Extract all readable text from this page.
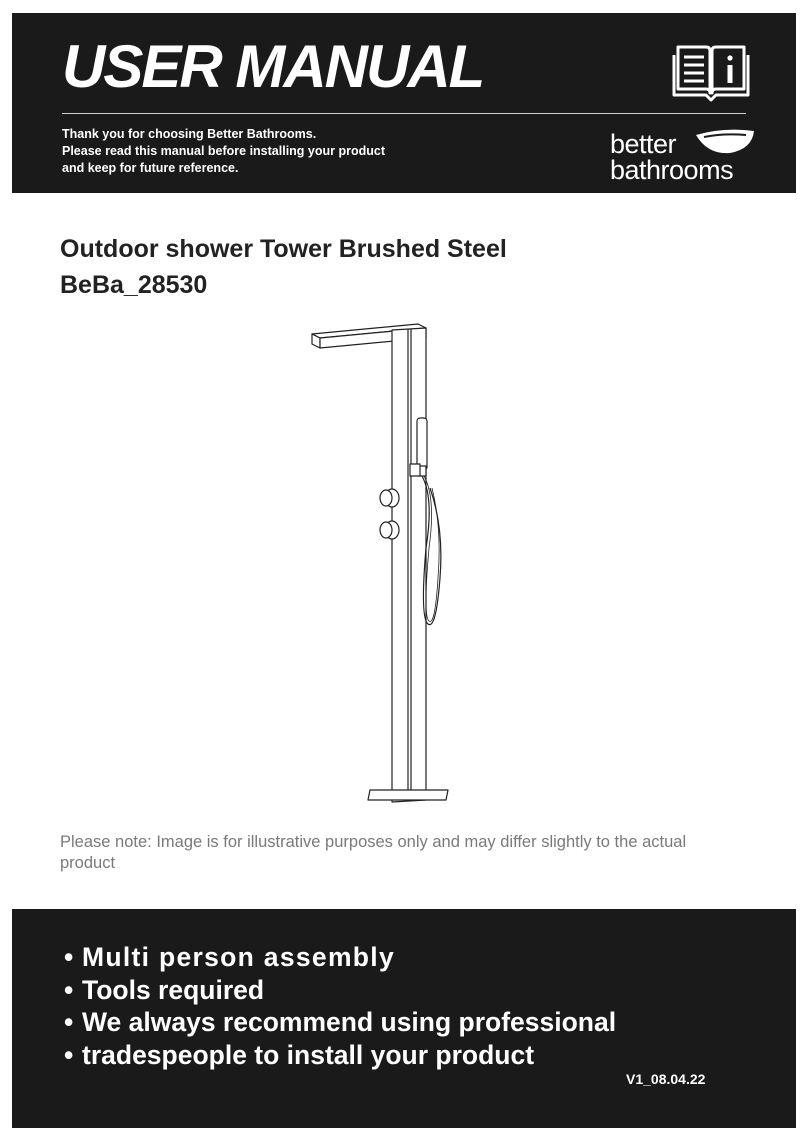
USER MANUAL
Thank you for choosing Better Bathrooms.
Please read this manual before installing your product
and keep for future reference.
better
bathrooms
Outdoor shower Tower Brushed Steel
BeBa_28530
Please note: Image is for illustrative purposes only and may differ slightly to the actual product
• Multi person assembly
• Tools required
• We always recommend using professional
• tradespeople to install your product
V1_08.04.22
